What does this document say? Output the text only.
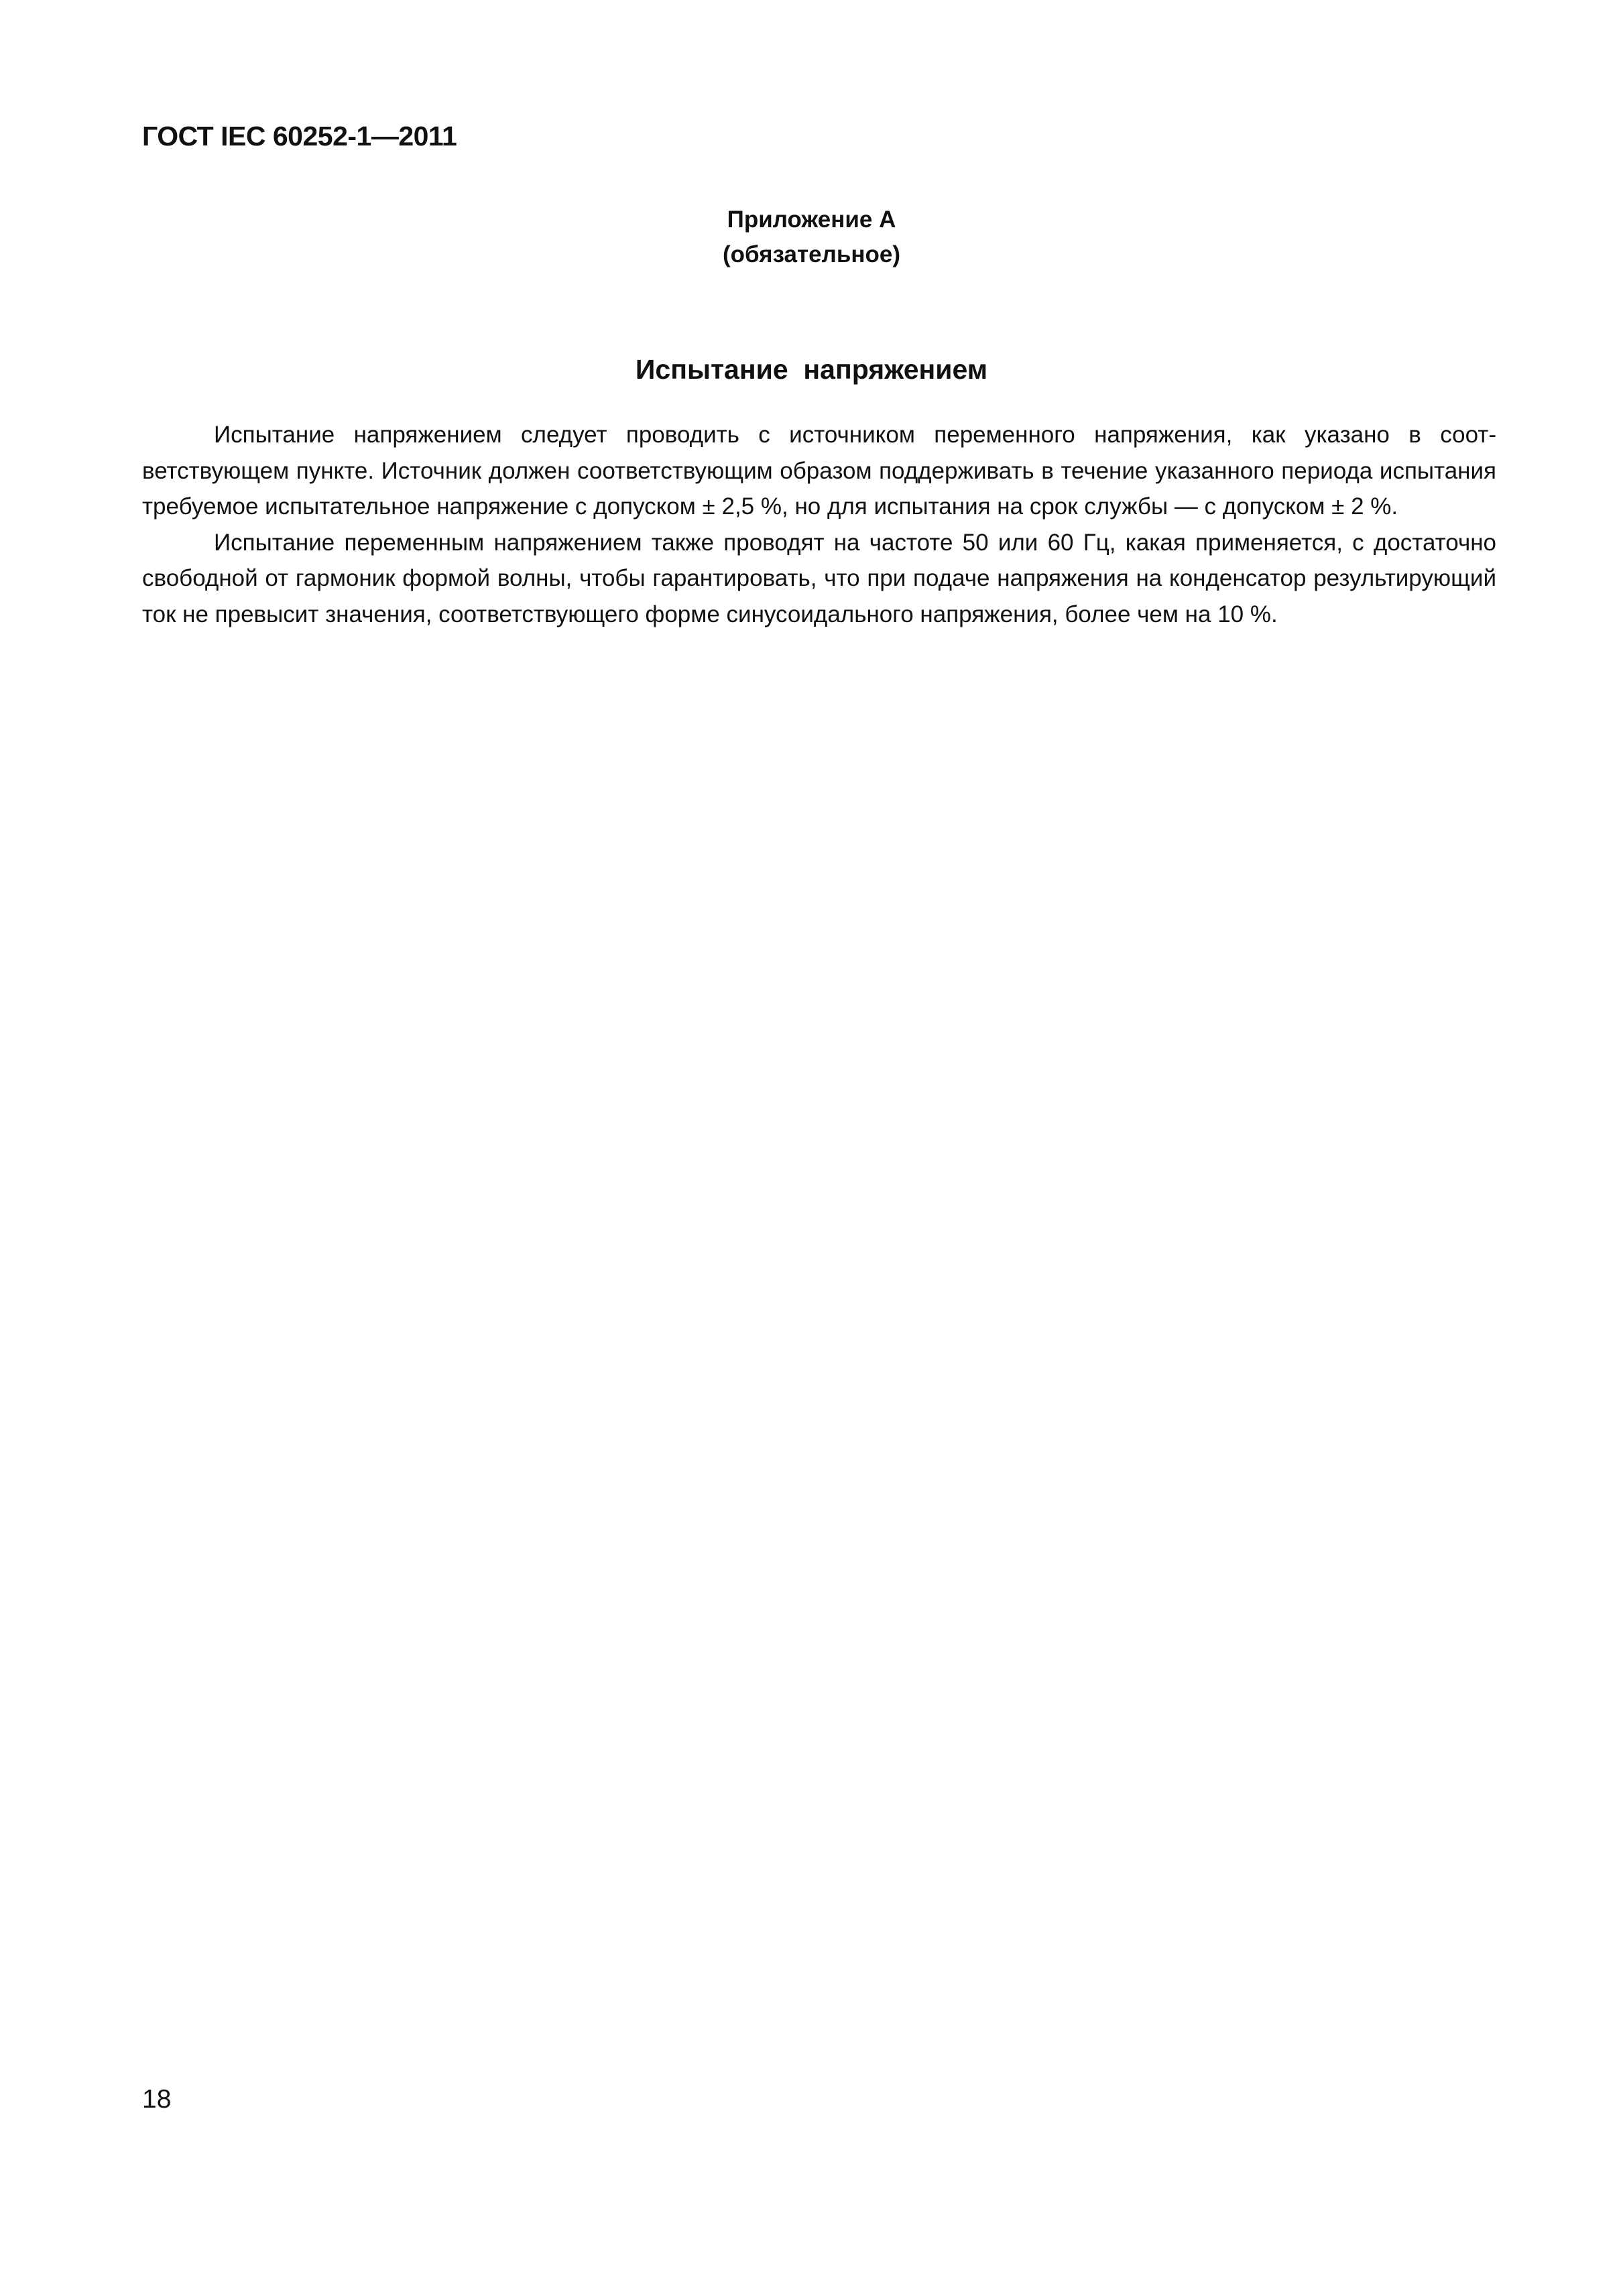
ГОСТ IEC 60252-1—2011
Приложение А
(обязательное)
Испытание  напряжением

Испытание напряжением следует проводить с источником переменного напряжения, как указано в соответствующем пункте. Источник должен соответствующим образом поддерживать в течение указанного периода испытания требуемое испытательное напряжение с допуском ± 2,5 %, но для испытания на срок службы — с допуском ± 2 %.

Испытание переменным напряжением также проводят на частоте 50 или 60 Гц, какая применяется, с достаточно свободной от гармоник формой волны, чтобы гарантировать, что при подаче напряжения на конденсатор результирующий ток не превысит значения, соответствующего форме синусоидального напряжения, более чем на 10 %.

18
